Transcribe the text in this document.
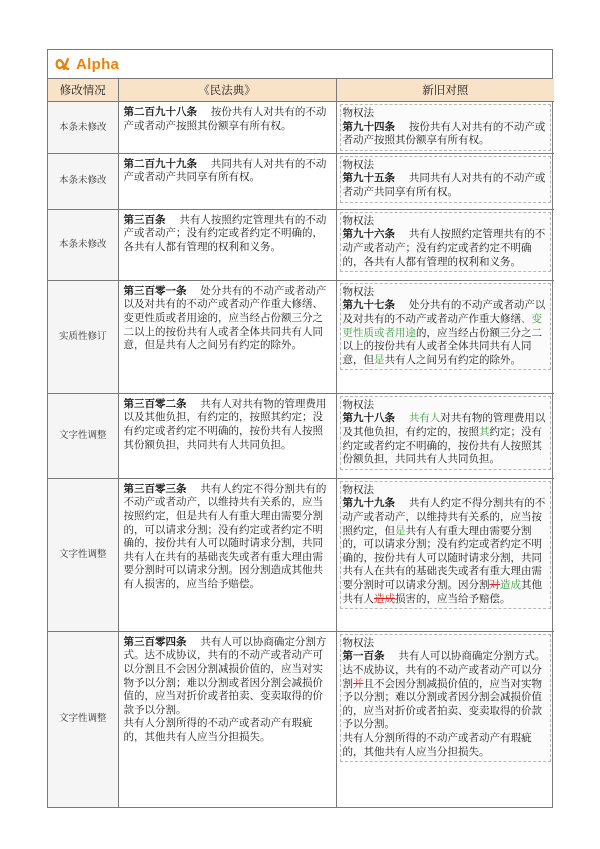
Alpha
修改情况	《民法典》	新旧对照
本条未修改	第二百九十八条　 按份共有人对共有的不动产或者动产按照其份额享有所有权。	物权法
第九十四条　 按份共有人对共有的不动产或者动产按照其份额享有所有权。

本条未修改	第二百九十九条　 共同共有人对共有的不动产或者动产共同享有所有权。	物权法
第九十五条　 共同共有人对共有的不动产或者动产共同享有所有权。

本条未修改	第三百条　 共有人按照约定管理共有的不动产或者动产；没有约定或者约定不明确的，各共有人都有管理的权利和义务。	物权法
第九十六条　 共有人按照约定管理共有的不动产或者动产；没有约定或者约定不明确的，各共有人都有管理的权利和义务。

实质性修订	第三百零一条　 处分共有的不动产或者动产以及对共有的不动产或者动产作重大修缮、变更性质或者用途的，应当经占份额三分之二以上的按份共有人或者全体共同共有人同意，但是共有人之间另有约定的除外。	物权法
第九十七条　 处分共有的不动产或者动产以及对共有的不动产或者动产作重大修缮、变更性质或者用途的，应当经占份额三分之二以上的按份共有人或者全体共同共有人同意，但是共有人之间另有约定的除外。

文字性调整	第三百零二条　 共有人对共有物的管理费用以及其他负担，有约定的，按照其约定；没有约定或者约定不明确的，按份共有人按照其份额负担，共同共有人共同负担。	物权法
第九十八条　 共有人对共有物的管理费用以及其他负担，有约定的，按照其约定；没有约定或者约定不明确的，按份共有人按照其份额负担，共同共有人共同负担。

文字性调整	第三百零三条　 共有人约定不得分割共有的不动产或者动产，以维持共有关系的，应当按照约定，但是共有人有重大理由需要分割的，可以请求分割；没有约定或者约定不明确的，按份共有人可以随时请求分割，共同共有人在共有的基础丧失或者有重大理由需要分割时可以请求分割。因分割造成其他共有人损害的，应当给予赔偿。	物权法
第九十九条　 共有人约定不得分割共有的不动产或者动产，以维持共有关系的，应当按照约定，但是共有人有重大理由需要分割的，可以请求分割；没有约定或者约定不明确的，按份共有人可以随时请求分割，共同共有人在共有的基础丧失或者有重大理由需要分割时可以请求分割。因分割对造成其他共有人造成损害的，应当给予赔偿。

文字性调整	第三百零四条　 共有人可以协商确定分割方式。达不成协议，共有的不动产或者动产可以分割且不会因分割减损价值的，应当对实物予以分割；难以分割或者因分割会减损价值的，应当对折价或者拍卖、变卖取得的价款予以分割。
共有人分割所得的不动产或者动产有瑕疵的，其他共有人应当分担损失。	物权法
第一百条　 共有人可以协商确定分割方式。达不成协议，共有的不动产或者动产可以分割并且不会因分割减损价值的，应当对实物予以分割；难以分割或者因分割会减损价值的，应当对折价或者拍卖、变卖取得的价款予以分割。
共有人分割所得的不动产或者动产有瑕疵的，其他共有人应当分担损失。
